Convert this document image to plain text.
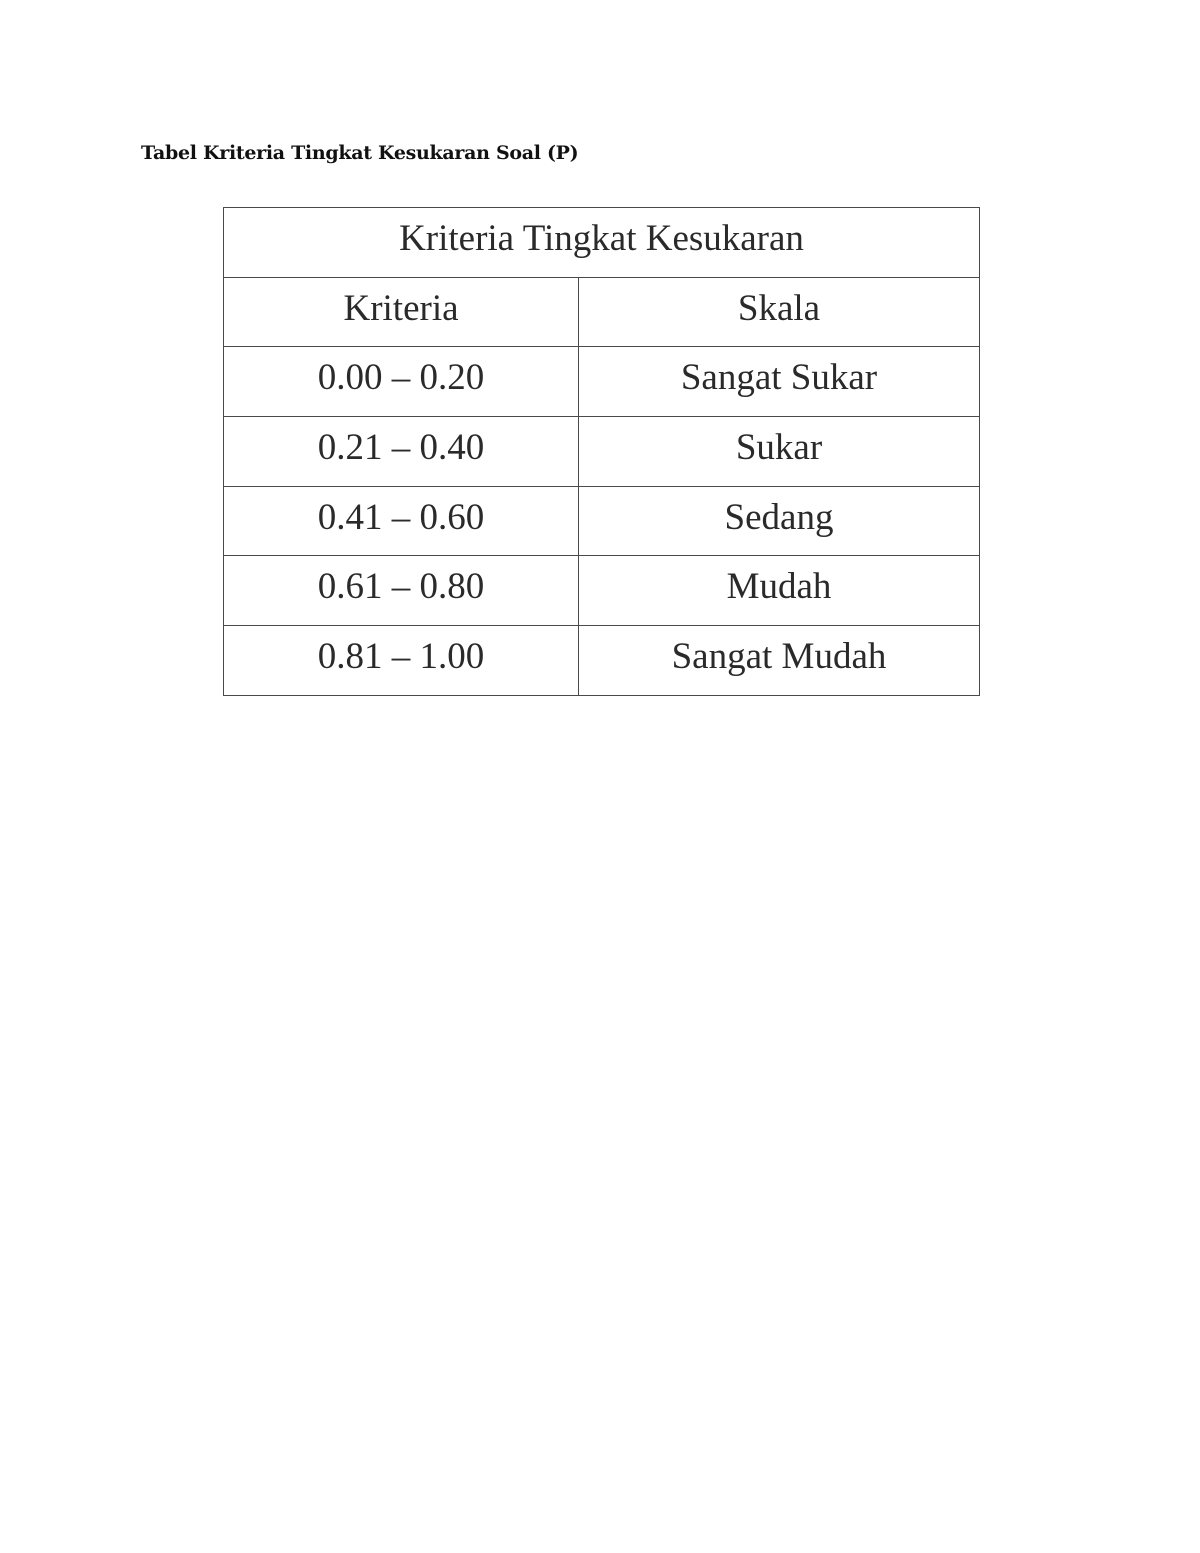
Tabel Kriteria Tingkat Kesukaran Soal (P)
Kriteria Tingkat Kesukaran	
Kriteria	Skala
0.00 – 0.20	Sangat Sukar
0.21 – 0.40	Sukar
0.41 – 0.60	Sedang
0.61 – 0.80	Mudah
0.81 – 1.00	Sangat Mudah
